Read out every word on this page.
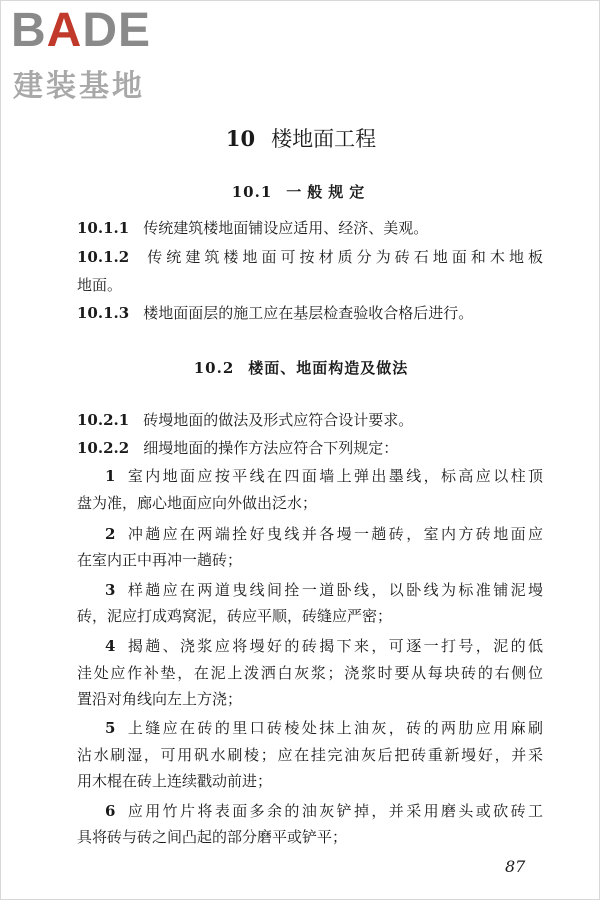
BADE
建装基地
10 楼地面工程
10.1 一般规定
10.1.1 传统建筑楼地面铺设应适用、经济、美观。
10.1.2 传统建筑楼地面可按材质分为砖石地面和木地板
地面。
10.1.3 楼地面面层的施工应在基层检查验收合格后进行。
10.2 楼面、地面构造及做法
10.2.1 砖墁地面的做法及形式应符合设计要求。
10.2.2 细墁地面的操作方法应符合下列规定：
1 室内地面应按平线在四面墙上弹出墨线，标高应以柱顶
盘为准，廊心地面应向外做出泛水；
2 冲趟应在两端拴好曳线并各墁一趟砖，室内方砖地面应
在室内正中再冲一趟砖；
3 样趟应在两道曳线间拴一道卧线，以卧线为标准铺泥墁
砖，泥应打成鸡窝泥，砖应平顺，砖缝应严密；
4 揭趟、浇浆应将墁好的砖揭下来，可逐一打号，泥的低
洼处应作补垫，在泥上泼洒白灰浆；浇浆时要从每块砖的右侧位
置沿对角线向左上方浇；
5 上缝应在砖的里口砖棱处抹上油灰，砖的两肋应用麻刷
沾水刷湿，可用矾水刷棱；应在挂完油灰后把砖重新墁好，并采
用木棍在砖上连续戳动前进；
6 应用竹片将表面多余的油灰铲掉，并采用磨头或砍砖工
具将砖与砖之间凸起的部分磨平或铲平；
87
